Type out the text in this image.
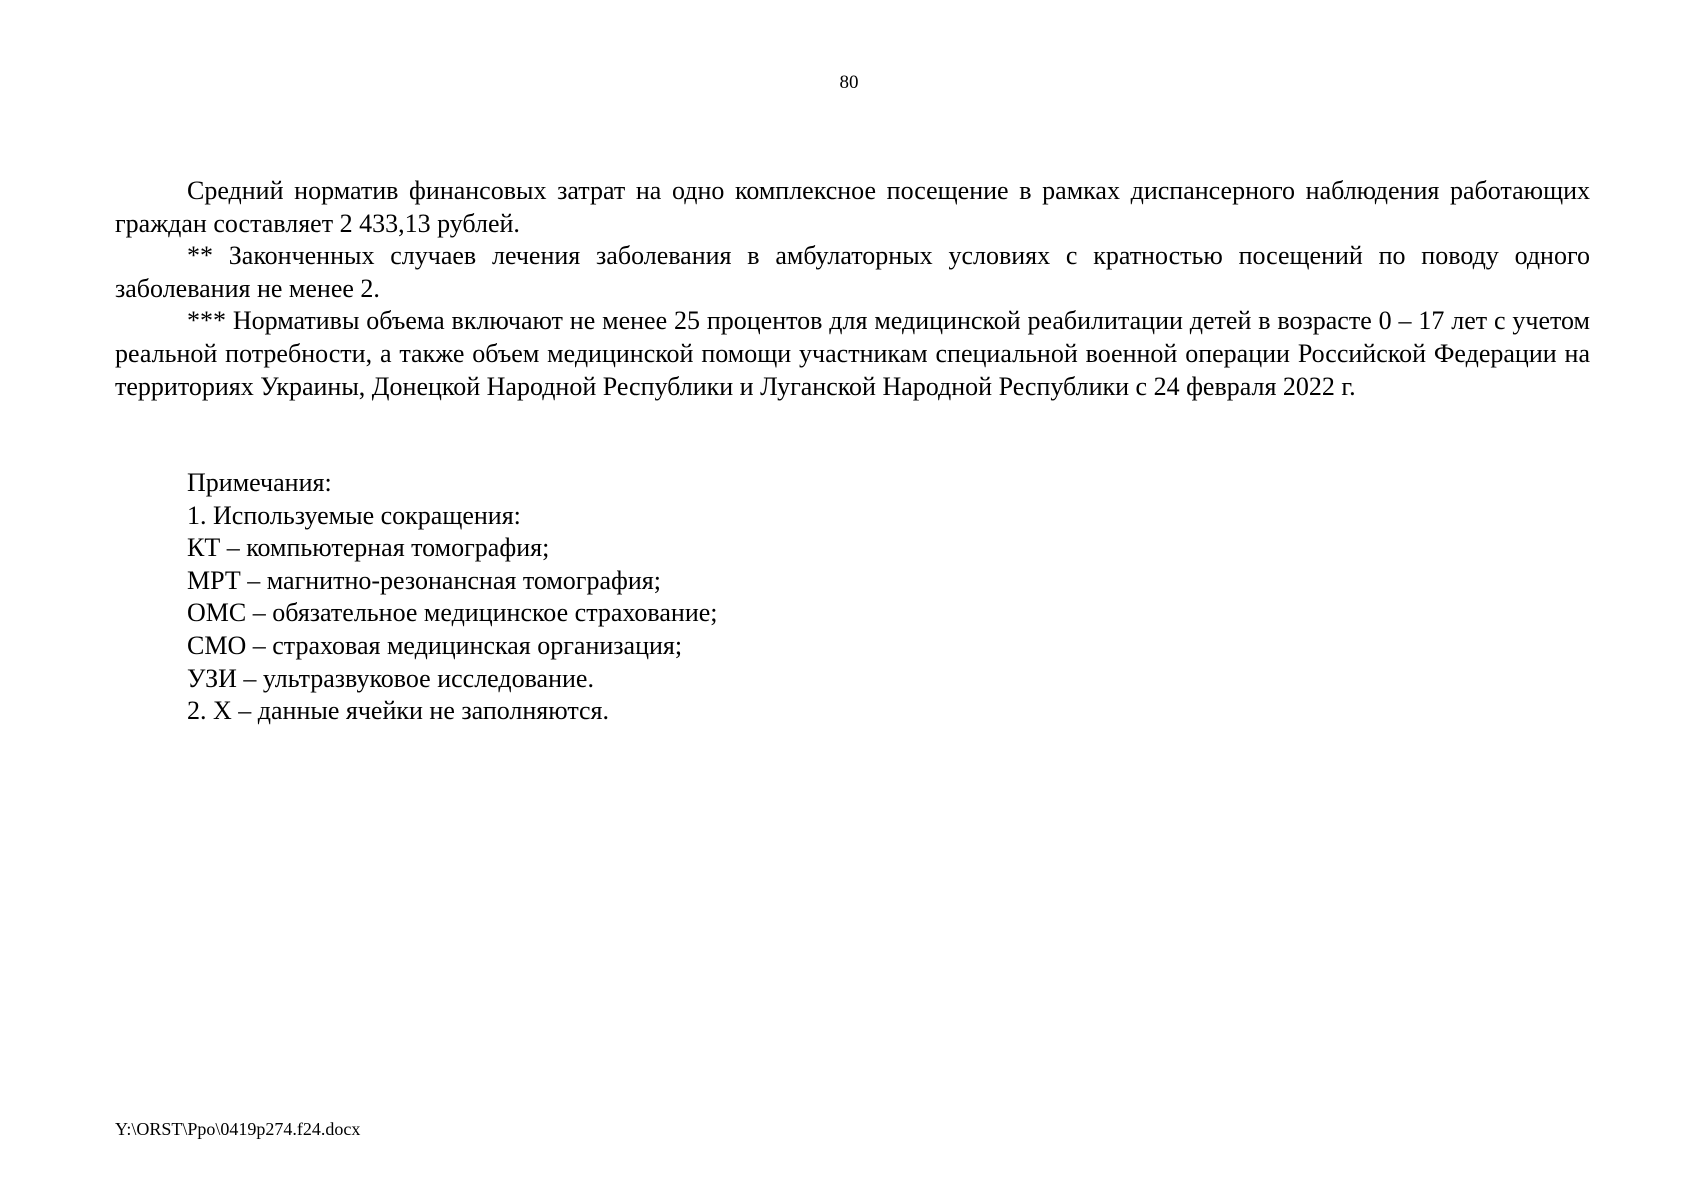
80

Средний норматив финансовых затрат на одно комплексное посещение в рамках диспансерного наблюдения работающих граждан составляет 2 433,13 рублей.

** Законченных случаев лечения заболевания в амбулаторных условиях с кратностью посещений по поводу одного заболевания не менее 2.

*** Нормативы объема включают не менее 25 процентов для медицинской реабилитации детей в возрасте 0 – 17 лет с учетом реальной потребности, а также объем медицинской помощи участникам специальной военной операции Российской Федерации на территориях Украины, Донецкой Народной Республики и Луганской Народной Республики с 24 февраля 2022 г.

Примечания:

1. Используемые сокращения:

КТ – компьютерная томография;

МРТ – магнитно-резонансная томография;

ОМС – обязательное медицинское страхование;

СМО – страховая медицинская организация;

УЗИ – ультразвуковое исследование.

2. Х – данные ячейки не заполняются.

Y:\ORST\Ppo\0419p274.f24.docx
